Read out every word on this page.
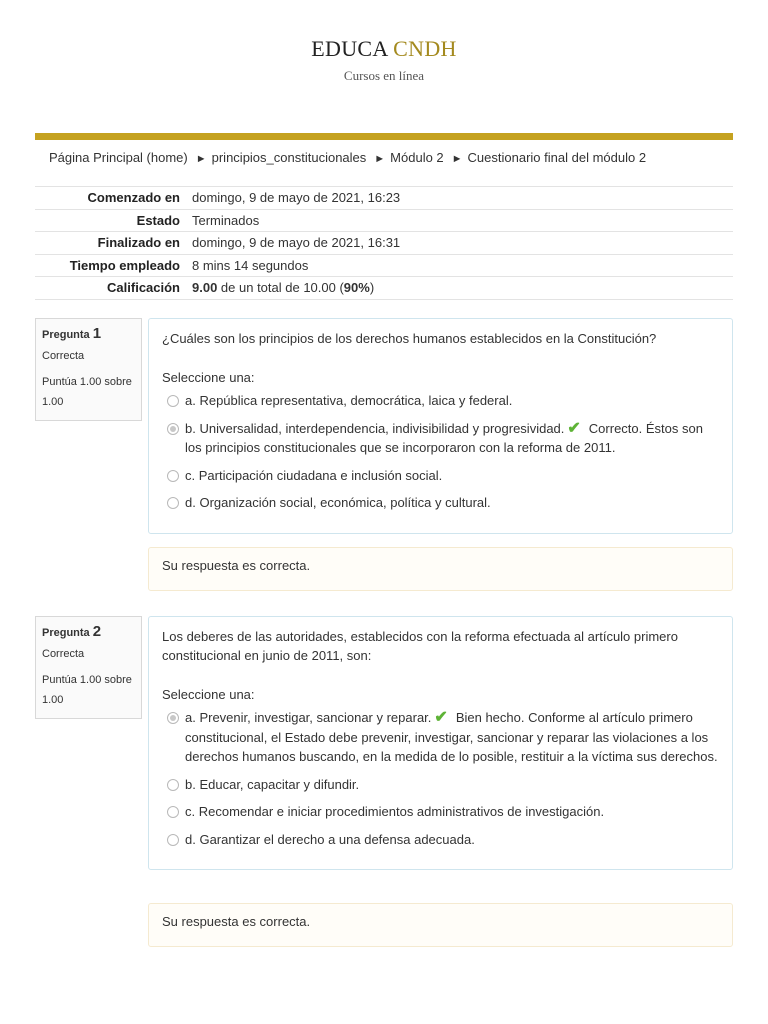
EDUCA CNDH
Cursos en línea
Página Principal (home) ► principios_constitucionales ► Módulo 2 ► Cuestionario final del módulo 2
Comenzado en	domingo, 9 de mayo de 2021, 16:23
Estado	Terminados
Finalizado en	domingo, 9 de mayo de 2021, 16:31
Tiempo empleado	8 mins 14 segundos
Calificación	9.00 de un total de 10.00 (90%)
Pregunta 1
Correcta
Puntúa 1.00 sobre 1.00
¿Cuáles son los principios de los derechos humanos establecidos en la Constitución?
Seleccione una:
a. República representativa, democrática, laica y federal.
b. Universalidad, interdependencia, indivisibilidad y progresividad. ✔ Correcto. Éstos son los principios constitucionales que se incorporaron con la reforma de 2011.
c. Participación ciudadana e inclusión social.
d. Organización social, económica, política y cultural.
Su respuesta es correcta.
Pregunta 2
Correcta
Puntúa 1.00 sobre 1.00
Los deberes de las autoridades, establecidos con la reforma efectuada al artículo primero constitucional en junio de 2011, son:
Seleccione una:
a. Prevenir, investigar, sancionar y reparar. ✔ Bien hecho. Conforme al artículo primero constitucional, el Estado debe prevenir, investigar, sancionar y reparar las violaciones a los derechos humanos buscando, en la medida de lo posible, restituir a la víctima sus derechos.
b. Educar, capacitar y difundir.
c. Recomendar e iniciar procedimientos administrativos de investigación.
d. Garantizar el derecho a una defensa adecuada.
Su respuesta es correcta.
